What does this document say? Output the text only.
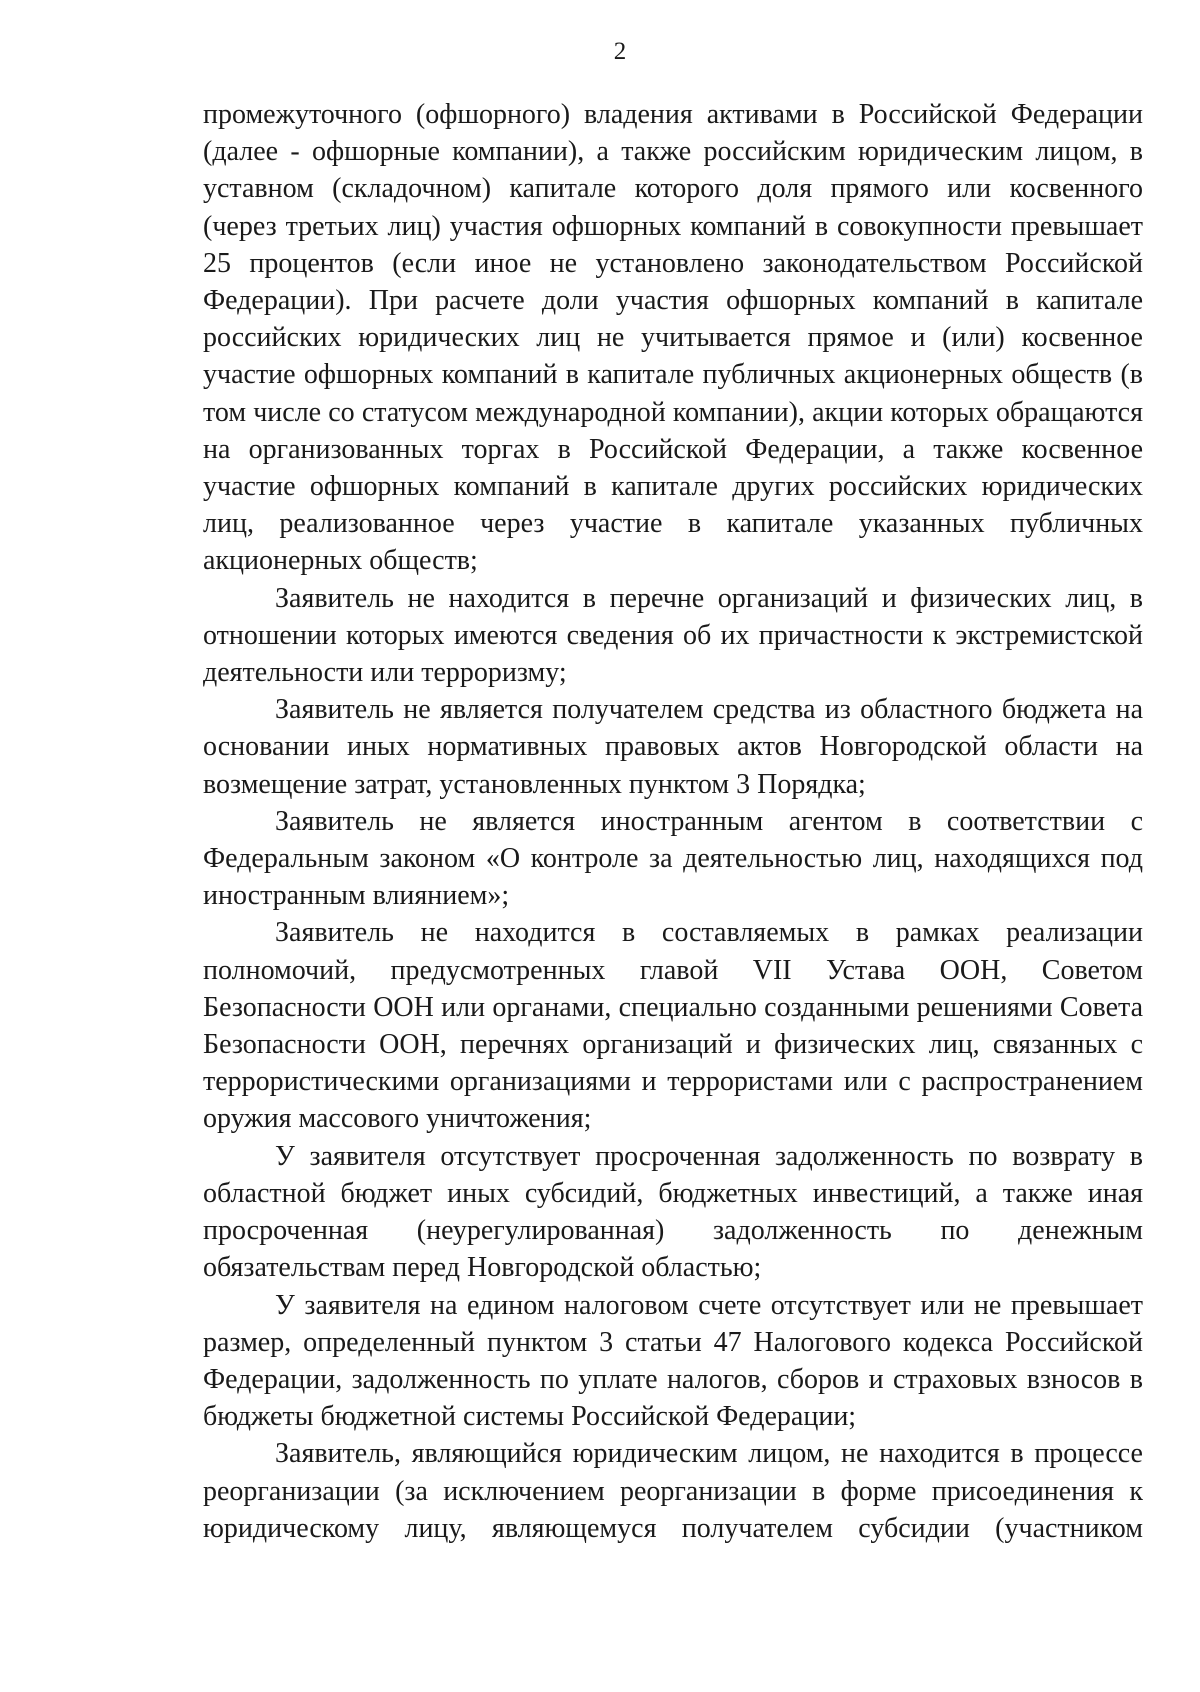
2

промежуточного (офшорного) владения активами в Российской Федерации (далее - офшорные компании), а также российским юридическим лицом, в уставном (складочном) капитале которого доля прямого или косвенного (через третьих лиц) участия офшорных компаний в совокупности превышает 25 процентов (если иное не установлено законодательством Российской Федерации). При расчете доли участия офшорных компаний в капитале российских юридических лиц не учитывается прямое и (или) косвенное участие офшорных компаний в капитале публичных акционерных обществ (в том числе со статусом международной компании), акции которых обращаются на организованных торгах в Российской Федерации, а также косвенное участие офшорных компаний в капитале других российских юридических лиц, реализованное через участие в капитале указанных публичных акционерных обществ;

Заявитель не находится в перечне организаций и физических лиц, в отношении которых имеются сведения об их причастности к экстремистской деятельности или терроризму;

Заявитель не является получателем средства из областного бюджета на основании иных нормативных правовых актов Новгородской области на возмещение затрат, установленных пунктом 3 Порядка;

Заявитель не является иностранным агентом в соответствии с Федеральным законом «О контроле за деятельностью лиц, находящихся под иностранным влиянием»;

Заявитель не находится в составляемых в рамках реализации полномочий, предусмотренных главой VII Устава ООН, Советом Безопасности ООН или органами, специально созданными решениями Совета Безопасности ООН, перечнях организаций и физических лиц, связанных с террористическими организациями и террористами или с распространением оружия массового уничтожения;

У заявителя отсутствует просроченная задолженность по возврату в областной бюджет иных субсидий, бюджетных инвестиций, а также иная просроченная (неурегулированная) задолженность по денежным обязательствам перед Новгородской областью;

У заявителя на едином налоговом счете отсутствует или не превышает размер, определенный пунктом 3 статьи 47 Налогового кодекса Российской Федерации, задолженность по уплате налогов, сборов и страховых взносов в бюджеты бюджетной системы Российской Федерации;

Заявитель, являющийся юридическим лицом, не находится в процессе реорганизации (за исключением реорганизации в форме присоединения к юридическому лицу, являющемуся получателем субсидии (участником
